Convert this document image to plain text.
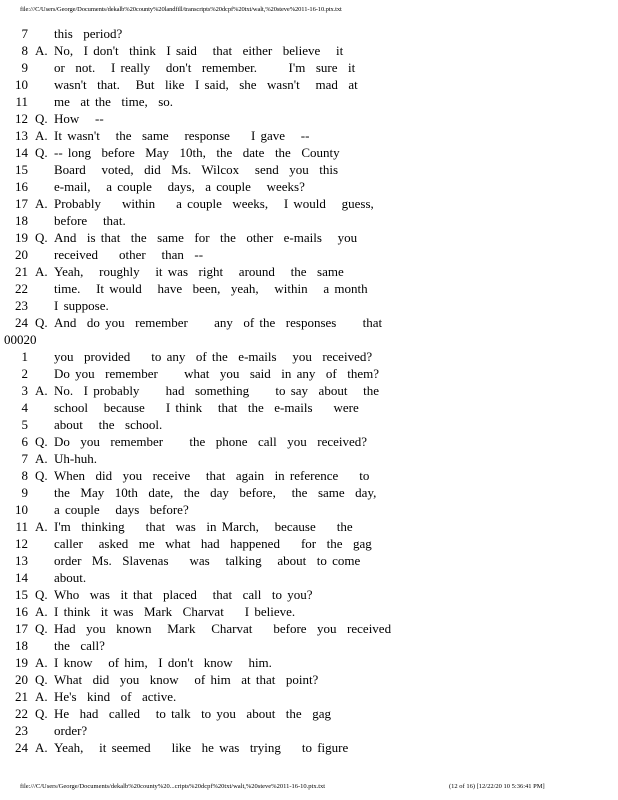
file:///C/Users/George/Documents/dekalb%20county%20landfill/transcripts%20dcpf%20txt/walt,%20steve%2011-16-10.ptx.txt
7 this  period?
8 A. No,  I don't  think  I said   that  either  believe   it
9 or  not.   I really   don't  remember.      I'm  sure  it
10 wasn't  that.   But  like  I said,  she  wasn't   mad  at
11 me  at the  time,  so.
12 Q. How   --
13 A. It wasn't   the  same   response    I gave   --
14 Q. -- long  before  May  10th,  the  date  the  County
15 Board   voted,  did  Ms.  Wilcox   send  you  this
16 e-mail,   a couple   days,  a couple   weeks?
17 A. Probably    within    a couple  weeks,   I would   guess,
18 before   that.
19 Q. And  is that  the  same  for  the  other  e-mails   you
20 received    other   than  --
21 A. Yeah,   roughly   it was  right   around   the  same
22 time.   It would   have  been,  yeah,   within   a month
23 I suppose.
24 Q. And  do you  remember     any  of the  responses     that
00020
1 you  provided    to any  of the  e-mails   you  received?
2 Do you  remember     what  you  said  in any  of  them?
3 A. No.  I probably     had  something     to say  about   the
4 school   because    I think   that  the  e-mails    were
5 about   the  school.
6 Q. Do  you  remember     the  phone  call  you  received?
7 A. Uh-huh.
8 Q. When  did  you  receive   that  again  in reference    to
9 the  May  10th  date,  the  day  before,   the  same  day,
10 a couple   days  before?
11 A. I'm  thinking    that  was  in March,   because    the
12 caller   asked  me  what  had  happened    for  the  gag
13 order  Ms.  Slavenas    was   talking   about  to come
14 about.
15 Q. Who  was  it that  placed   that  call  to you?
16 A. I think  it was  Mark  Charvat    I believe.
17 Q. Had  you  known   Mark   Charvat    before  you  received
18 the  call?
19 A. I know   of him,  I don't  know   him.
20 Q. What  did  you  know   of him  at that  point?
21 A. He's  kind  of  active.
22 Q. He  had  called   to talk  to you  about  the  gag
23 order?
24 A. Yeah,   it seemed    like  he was  trying    to figure
file:///C/Users/George/Documents/dekalb%20county%20...cripts%20dcpf%20txt/walt,%20steve%2011-16-10.ptx.txt	(12 of 16) [12/22/20 10 5:36:41 PM]
